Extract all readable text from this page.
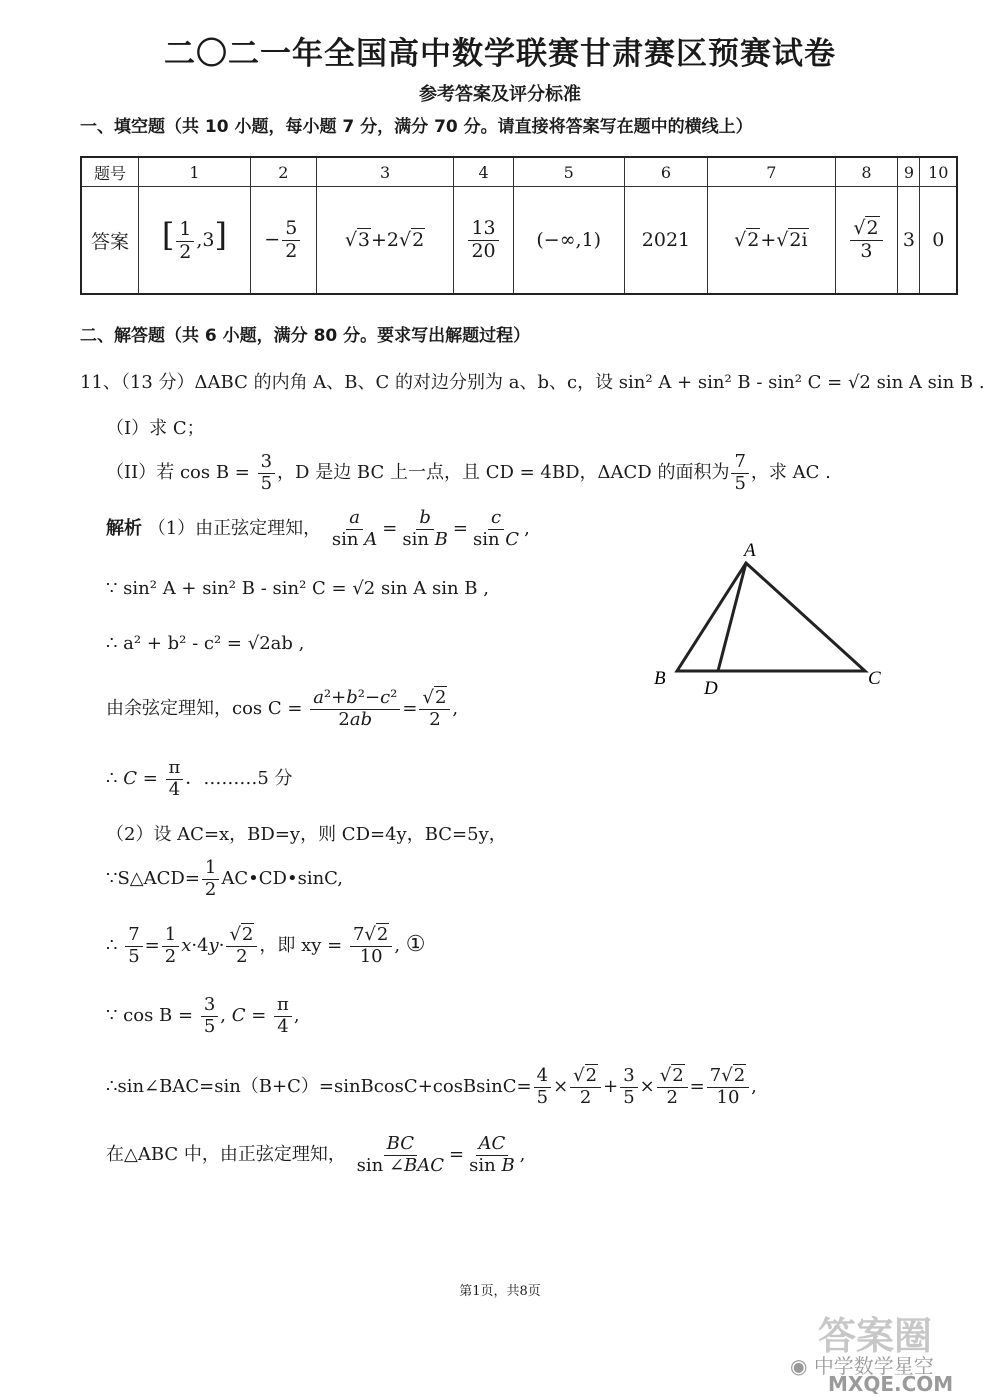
二〇二一年全国高中数学联赛甘肃赛区预赛试卷
参考答案及评分标准
一、填空题（共 10 小题，每小题 7 分，满分 70 分。请直接将答案写在题中的横线上）
题号	1	2	3	4	5	6	7	8	9	10
答案	[ $\frac{1}{2} ,3$]	− $\frac{5}{2}$	√3+2√2	$\frac{13}{20}$	(−∞,1)	2021	√2+√2i	$\frac{√2}{3}$	3	0
二、解答题（共 6 小题，满分 80 分。要求写出解题过程）
11、（13 分）ΔABC 的内角 A、B、C 的对边分别为 a、b、c，设 sin² A + sin² B - sin² C = √2 sin A sin B .
（I）求 C；
（II）若 $\cos B = \frac{3}{5}$ ，D 是边 BC 上一点，且 CD = 4BD，ΔACD 的面积为 $\frac{7}{5}$ ，求 AC .
解析 （1）由正弦定理知， $\frac{a}{\text{sin A}} = \frac{b}{\text{sin B}} = \frac{c}{\text{sin C}}$ ,
∵ sin² A + sin² B - sin² C = √2 sin A sin B ,
∴ a² + b² - c² = √2ab ,
由余弦定理知，$\cos C = \frac{\text{a²+b²−c²}}{2ab} = \frac{√2}{2}$ ,
∴ $C = \frac{\pi}{4}$ ．………5 分
（2）设 AC=x，BD=y，则 CD=4y，BC=5y，
∵S△ACD= $\frac{1}{2}$ AC•CD•sinC,
∴ $\frac{7}{5} = \frac{1}{2} x\cdot 4y\cdot \frac{√2}{2}$ ，即 xy = $\frac{7√2}{10}$ , ①
∵ $\cos B = \frac{3}{5}$ , $C = \frac{\pi}{4}$ ,
∴sin∠BAC=sin（B+C）=sinBcosC+cosBsinC= $\frac{4}{5} \times \frac{√2}{2} + \frac{3}{5} \times \frac{√2}{2} = \frac{7√2}{10}$ ,
在△ABC 中，由正弦定理知， $\frac{BC}{\text{sin ∠BAC}} = \frac{AC}{\text{sin B}}$ ,
A
B D	C
第1页，共8页
答案圈
◉ 中学数学星空
MXQE.COM
